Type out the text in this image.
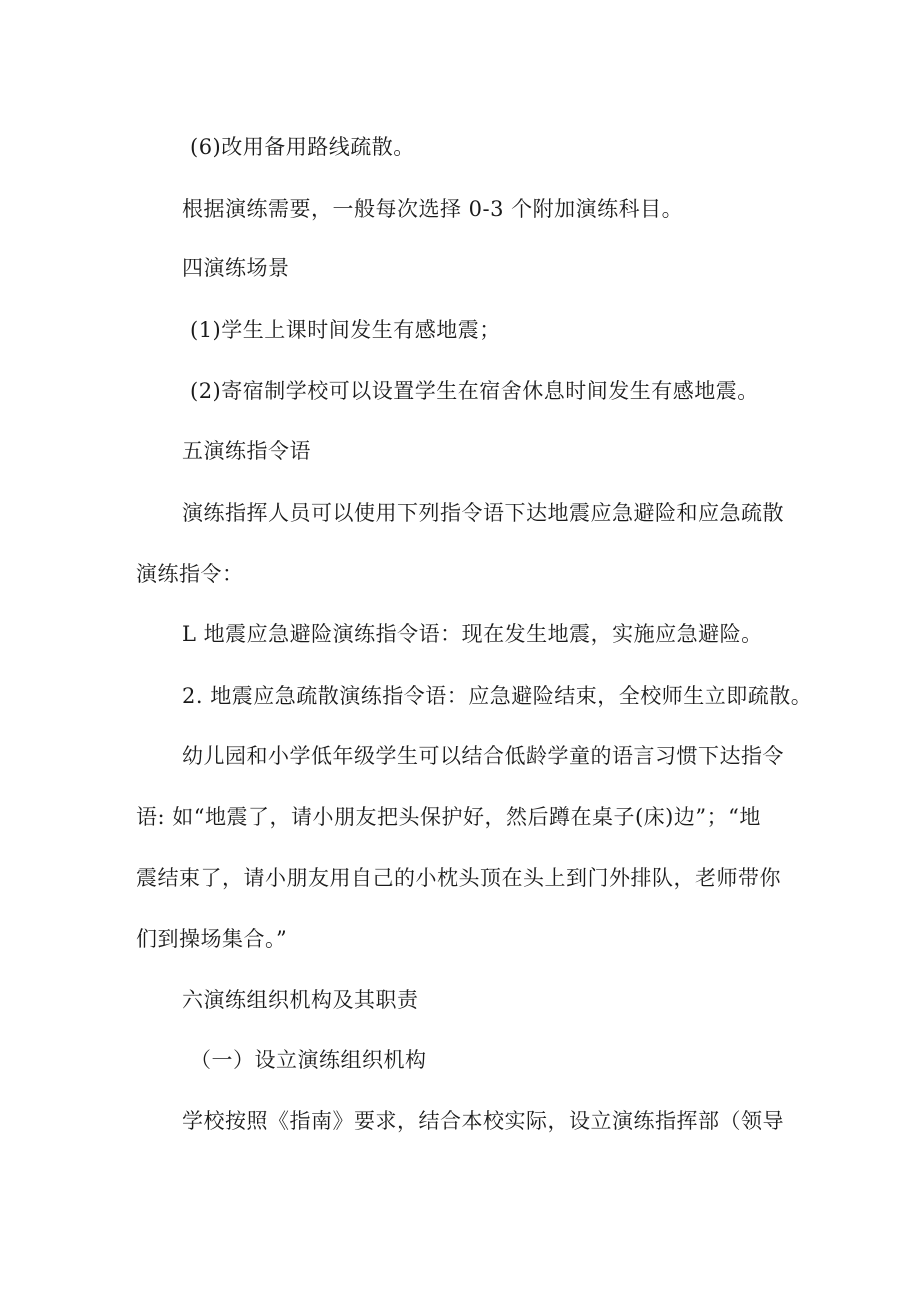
(6)改用备用路线疏散。
根据演练需要，一般每次选择 0-3 个附加演练科目。
四演练场景
(1)学生上课时间发生有感地震；
(2)寄宿制学校可以设置学生在宿舍休息时间发生有感地震。
五演练指令语
演练指挥人员可以使用下列指令语下达地震应急避险和应急疏散
演练指令：
L 地震应急避险演练指令语：现在发生地震，实施应急避险。
2. 地震应急疏散演练指令语：应急避险结束，全校师生立即疏散。
幼儿园和小学低年级学生可以结合低龄学童的语言习惯下达指令
语: 如“地震了，请小朋友把头保护好，然后蹲在桌子(床)边”；“地
震结束了，请小朋友用自己的小枕头顶在头上到门外排队，老师带你
们到操场集合。”
六演练组织机构及其职责
（一）设立演练组织机构
学校按照《指南》要求，结合本校实际，设立演练指挥部（领导
